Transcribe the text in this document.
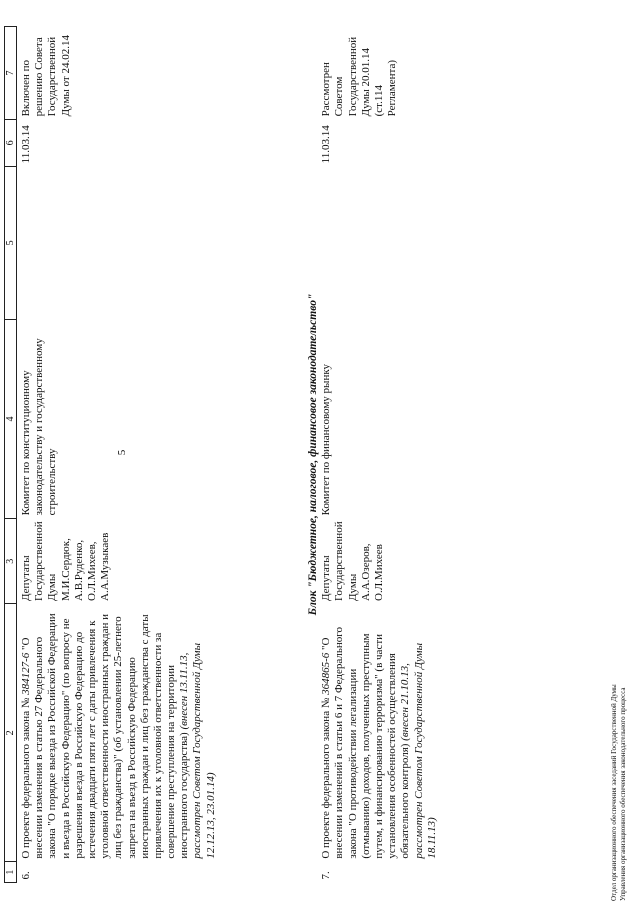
5
1	2	3	4	5	6	7
6.	О проекте федерального закона № 384127-6 "О внесении изменения в статью 27 Федерального закона "О порядке выезда из Российской Федерации и въезда в Российскую Федерацию" (по вопросу не разрешения въезда в Российскую Федерацию до истечения двадцати пяти лет с даты привлечения к уголовной ответственности иностранных граждан и лиц без гражданства)" (об установлении 25-летнего запрета на въезд в Российскую Федерацию иностранных граждан и лиц без гражданства с даты привлечения их к уголовной ответственности за совершение преступления на территории иностранного государства) (внесен 13.11.13, рассмотрен Советом Государственной Думы 12.12.13, 23.01.14)	Депутаты Государственной Думы М.И.Сердюк, А.В.Руденко, О.Л.Михеев, А.А.Музыкаев	Комитет по конституционному законодательству и государственному строительству		11.03.14	Включен по решению Совета Государственной Думы от 24.02.14
Блок "Бюджетное, налоговое, финансовое законодательство"						
7.	О проекте федерального закона № 364865-6 "О внесении изменений в статьи 6 и 7 Федерального закона "О противодействии легализации (отмыванию) доходов, полученных преступным путем, и финансированию терроризма" (в части установления особенностей осуществления обязательного контроля) (внесен 21.10.13, рассмотрен Советом Государственной Думы 18.11.13)	Депутаты Государственной Думы А.А.Озеров, О.Л.Михеев	Комитет по финансовому рынку		11.03.14	Рассмотрен Советом Государственной Думы 20.01.14 (ст.114 Регламента)
Отдел организационного обеспечения заседаний Государственной Думы Управления организационного обеспечения законодательного процесса
